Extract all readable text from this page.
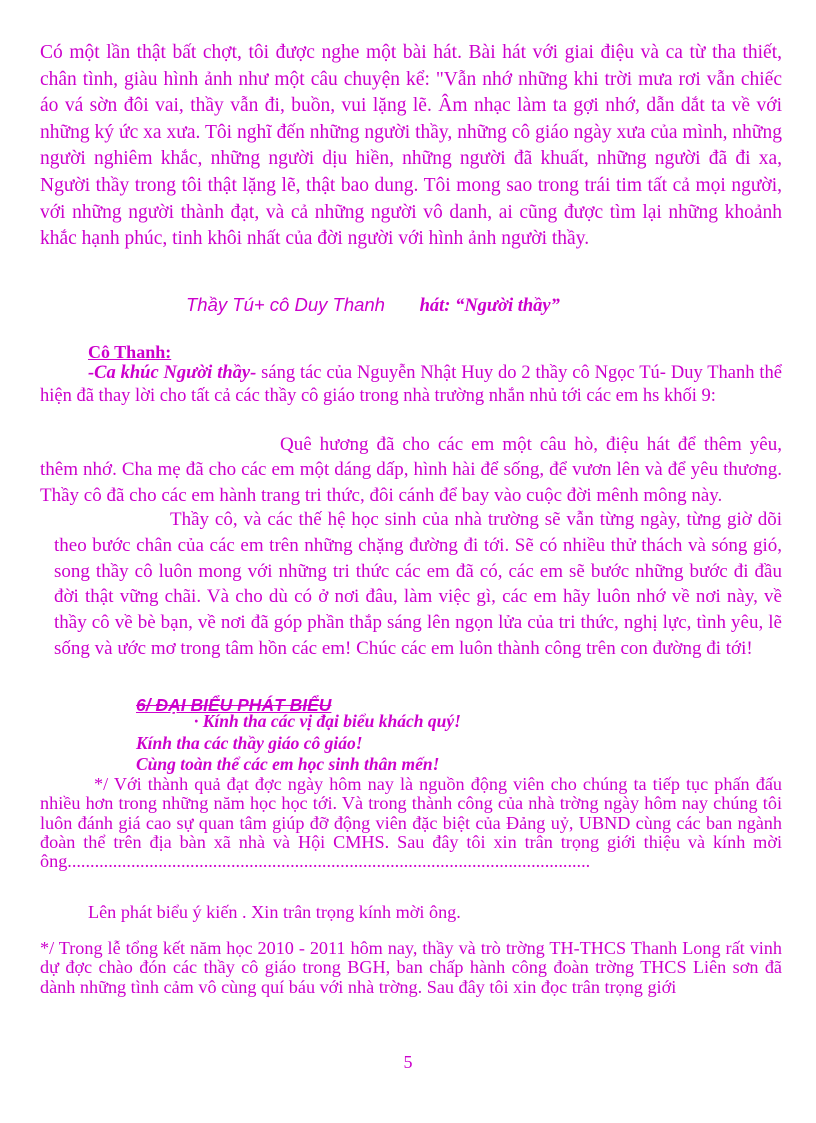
Có một lần thật bất chợt, tôi được nghe một bài hát. Bài hát với giai điệu và ca từ tha thiết, chân tình, giàu hình ảnh như một câu chuyện kể: "Vẫn nhớ những khi trời mưa rơi vẫn chiếc áo vá sờn đôi vai, thầy vẫn đi, buồn, vui lặng lẽ. Âm nhạc làm ta gợi nhớ, dẫn dắt ta về với những ký ức xa xưa. Tôi nghĩ đến những người thầy, những cô giáo ngày xưa của mình, những người nghiêm khắc, những người dịu hiền, những người đã khuất, những người đã đi xa, Người thầy trong tôi thật lặng lẽ, thật bao dung. Tôi mong sao trong trái tim tất cả mọi người, với những người thành đạt, và cả những người vô danh, ai cũng được tìm lại những khoảnh khắc hạnh phúc, tinh khôi nhất của đời người với hình ảnh người thầy.

Thầy Tú+ cô Duy Thanh hát: “Người thầy”
Cô Thanh:

-Ca khúc Người thầy- sáng tác của Nguyễn Nhật Huy do 2 thầy cô Ngọc Tú- Duy Thanh thể hiện đã thay lời cho tất cả các thầy cô giáo trong nhà trường nhắn nhủ tới các em hs khối 9:

Quê hương đã cho các em một câu hò, điệu hát để thêm yêu, thêm nhớ. Cha mẹ đã cho các em một dáng dấp, hình hài để sống, để vươn lên và để yêu thương. Thầy cô đã cho các em hành trang tri thức, đôi cánh để bay vào cuộc đời mênh mông này.

Thầy cô, và các thế hệ học sinh của nhà trường sẽ vẫn từng ngày, từng giờ dõi theo bước chân của các em trên những chặng đường đi tới. Sẽ có nhiều thử thách và sóng gió, song thầy cô luôn mong với những tri thức các em đã có, các em sẽ bước những bước đi đầu đời thật vững chãi. Và cho dù có ở nơi đâu, làm việc gì, các em hãy luôn nhớ về nơi này, về thầy cô về bè bạn, về nơi đã góp phần thắp sáng lên ngọn lửa của tri thức, nghị lực, tình yêu, lẽ sống và ước mơ trong tâm hồn các em! Chúc các em luôn thành công trên con đường đi tới!

6/ ĐẠI BIỂU PHÁT BIỂU
· Kính tha các vị đại biểu khách quý!
Kính tha các thầy giáo cô giáo!
Cùng toàn thể các em học sinh thân mến!

*/ Với thành quả đạt đợc ngày hôm nay là nguồn động viên cho chúng ta tiếp tục phấn đấu nhiều hơn trong những năm học học tới. Và trong thành công của nhà trờng ngày hôm nay chúng tôi luôn đánh giá cao sự quan tâm giúp đỡ động viên đặc biệt của Đảng uỷ, UBND cùng các ban ngành đoàn thể trên địa bàn xã nhà và Hội CMHS. Sau đây tôi xin trân trọng giới thiệu và kính mời ông...................................................................................................................

Lên phát biểu ý kiến . Xin trân trọng kính mời ông.

*/ Trong lễ tổng kết năm học 2010 - 2011 hôm nay, thầy và trò trờng TH-THCS Thanh Long rất vinh dự đợc chào đón các thầy cô giáo trong BGH, ban chấp hành công đoàn trờng THCS Liên sơn đã dành những tình cảm vô cùng quí báu với nhà trờng. Sau đây tôi xin đọc trân trọng giới

5
